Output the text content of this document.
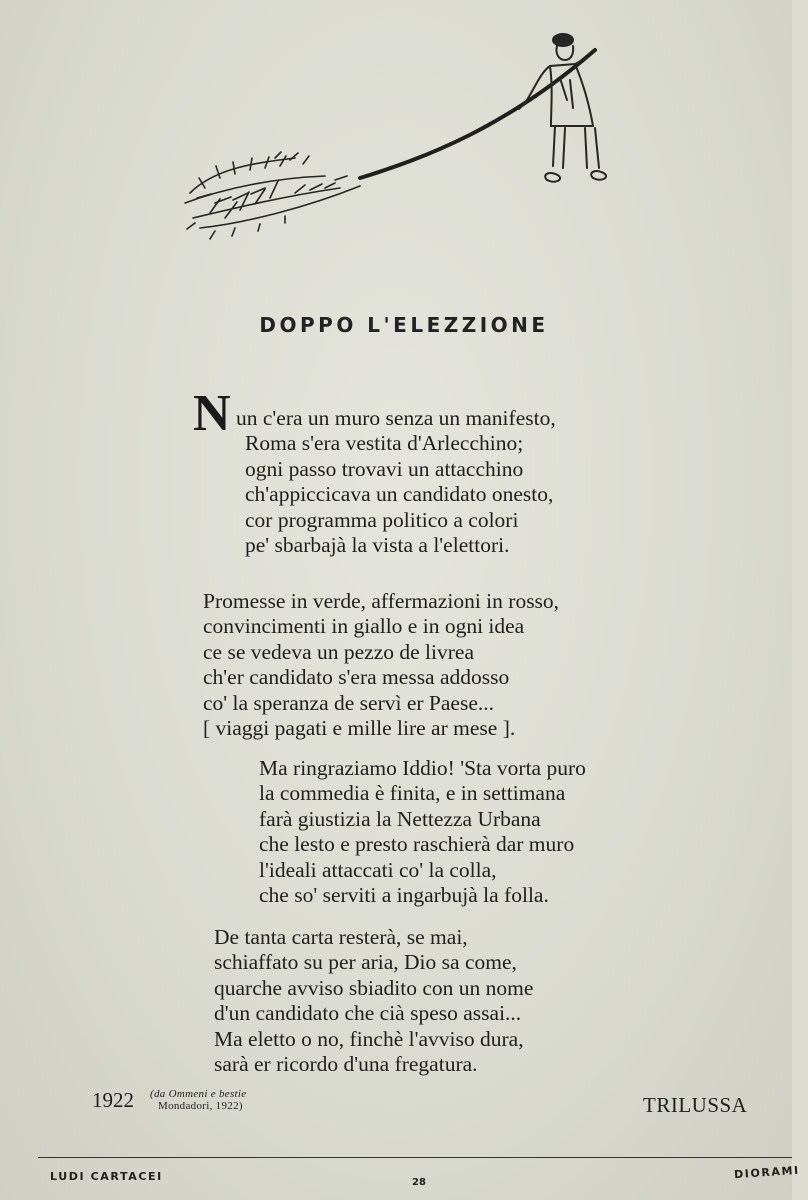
DOPPO L'ELEZZIONE
N un c'era un muro senza un manifesto,
Roma s'era vestita d'Arlecchino;
ogni passo trovavi un attacchino
ch'appiccicava un candidato onesto,
cor programma politico a colori
pe' sbarbajà la vista a l'elettori.
Promesse in verde, affermazioni in rosso,
convincimenti in giallo e in ogni idea
ce se vedeva un pezzo de livrea
ch'er candidato s'era messa addosso
co' la speranza de servì er Paese...
[ viaggi pagati e mille lire ar mese ].
Ma ringraziamo Iddio! 'Sta vorta puro
la commedia è finita, e in settimana
farà giustizia la Nettezza Urbana
che lesto e presto raschierà dar muro
l'ideali attaccati co' la colla,
che so' serviti a ingarbujà la folla.
De tanta carta resterà, se mai,
schiaffato su per aria, Dio sa come,
quarche avviso sbiadito con un nome
d'un candidato che cià speso assai...
Ma eletto o no, finchè l'avviso dura,
sarà er ricordo d'una fregatura.
1922 (da Ommeni e bestie
Mondadori, 1922)	TRILUSSA
LUDI CARTACEI	28
DIORAMI
